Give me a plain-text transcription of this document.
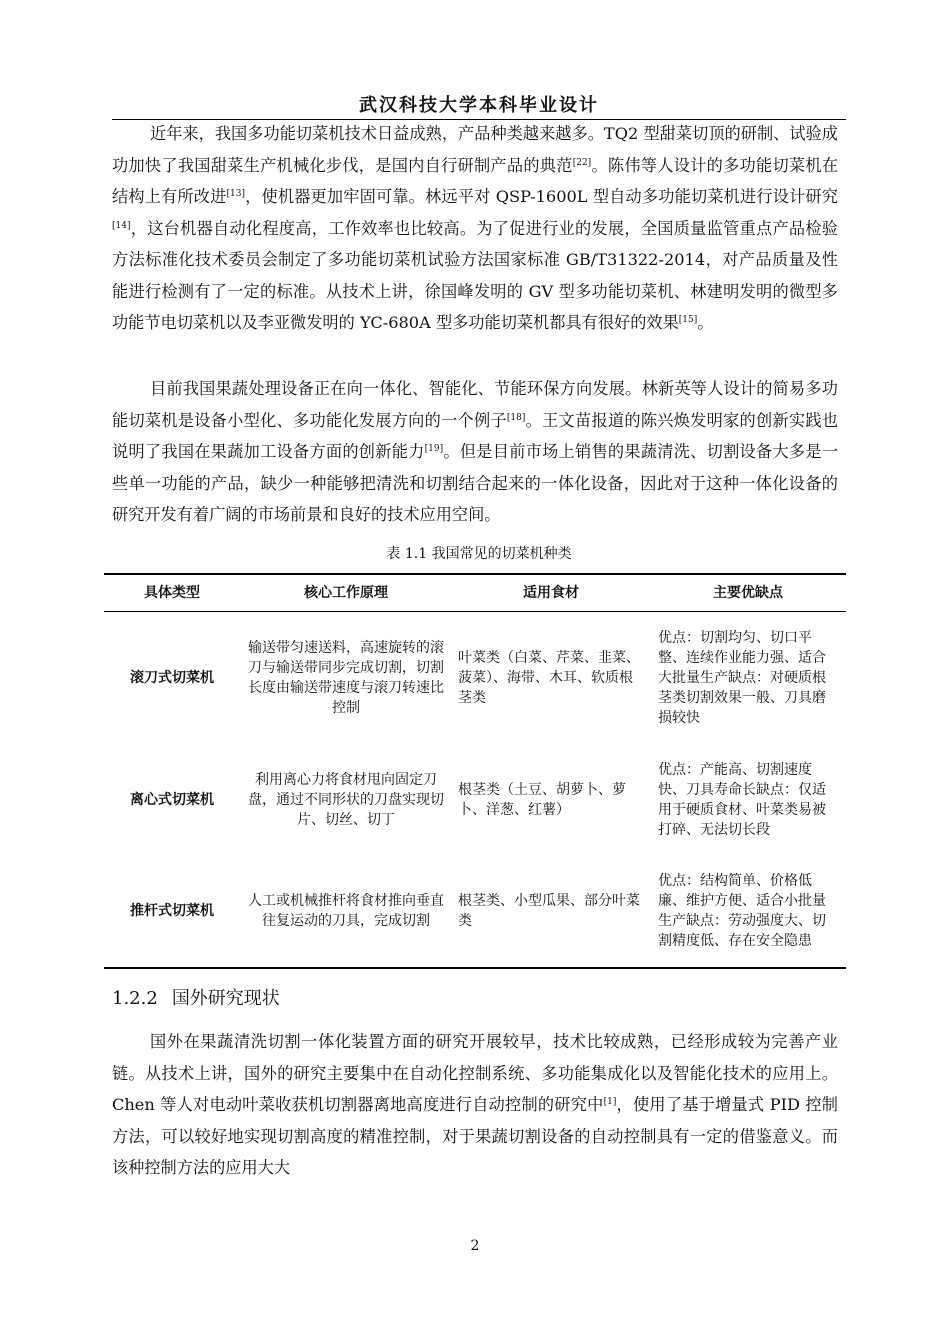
武汉科技大学本科毕业设计

近年来，我国多功能切菜机技术日益成熟，产品种类越来越多。TQ2 型甜菜切顶的研制、试验成功加快了我国甜菜生产机械化步伐，是国内自行研制产品的典范[22]。陈伟等人设计的多功能切菜机在结构上有所改进[13]，使机器更加牢固可靠。林远平对 QSP-1600L 型自动多功能切菜机进行设计研究[14]，这台机器自动化程度高，工作效率也比较高。为了促进行业的发展，全国质量监管重点产品检验方法标准化技术委员会制定了多功能切菜机试验方法国家标准 GB/T31322-2014，对产品质量及性能进行检测有了一定的标准。从技术上讲，徐国峰发明的 GV 型多功能切菜机、林建明发明的微型多功能节电切菜机以及李亚微发明的 YC-680A 型多功能切菜机都具有很好的效果[15]。

目前我国果蔬处理设备正在向一体化、智能化、节能环保方向发展。林新英等人设计的简易多功能切菜机是设备小型化、多功能化发展方向的一个例子[18]。王文苗报道的陈兴焕发明家的创新实践也说明了我国在果蔬加工设备方面的创新能力[19]。但是目前市场上销售的果蔬清洗、切割设备大多是一些单一功能的产品，缺少一种能够把清洗和切割结合起来的一体化设备，因此对于这种一体化设备的研究开发有着广阔的市场前景和良好的技术应用空间。

表 1.1 我国常见的切菜机种类
具体类型	核心工作原理	适用食材	主要优缺点
滚刀式切菜机	输送带匀速送料，高速旋转的滚刀与输送带同步完成切割，切割长度由输送带速度与滚刀转速比控制	叶菜类（白菜、芹菜、韭菜、菠菜）、海带、木耳、软质根茎类	优点：切割均匀、切口平整、连续作业能力强、适合大批量生产缺点：对硬质根茎类切割效果一般、刀具磨损较快
离心式切菜机	利用离心力将食材甩向固定刀盘，通过不同形状的刀盘实现切片、切丝、切丁	根茎类（土豆、胡萝卜、萝卜、洋葱、红薯）	优点：产能高、切割速度快、刀具寿命长缺点：仅适用于硬质食材、叶菜类易被打碎、无法切长段
推杆式切菜机	人工或机械推杆将食材推向垂直往复运动的刀具，完成切割	根茎类、小型瓜果、部分叶菜类	优点：结构简单、价格低廉、维护方便、适合小批量生产缺点：劳动强度大、切割精度低、存在安全隐患
1.2.2 国外研究现状

国外在果蔬清洗切割一体化装置方面的研究开展较早，技术比较成熟，已经形成较为完善产业链。从技术上讲，国外的研究主要集中在自动化控制系统、多功能集成化以及智能化技术的应用上。Chen 等人对电动叶菜收获机切割器离地高度进行自动控制的研究中[1]，使用了基于增量式 PID 控制方法，可以较好地实现切割高度的精准控制，对于果蔬切割设备的自动控制具有一定的借鉴意义。而该种控制方法的应用大大

2
